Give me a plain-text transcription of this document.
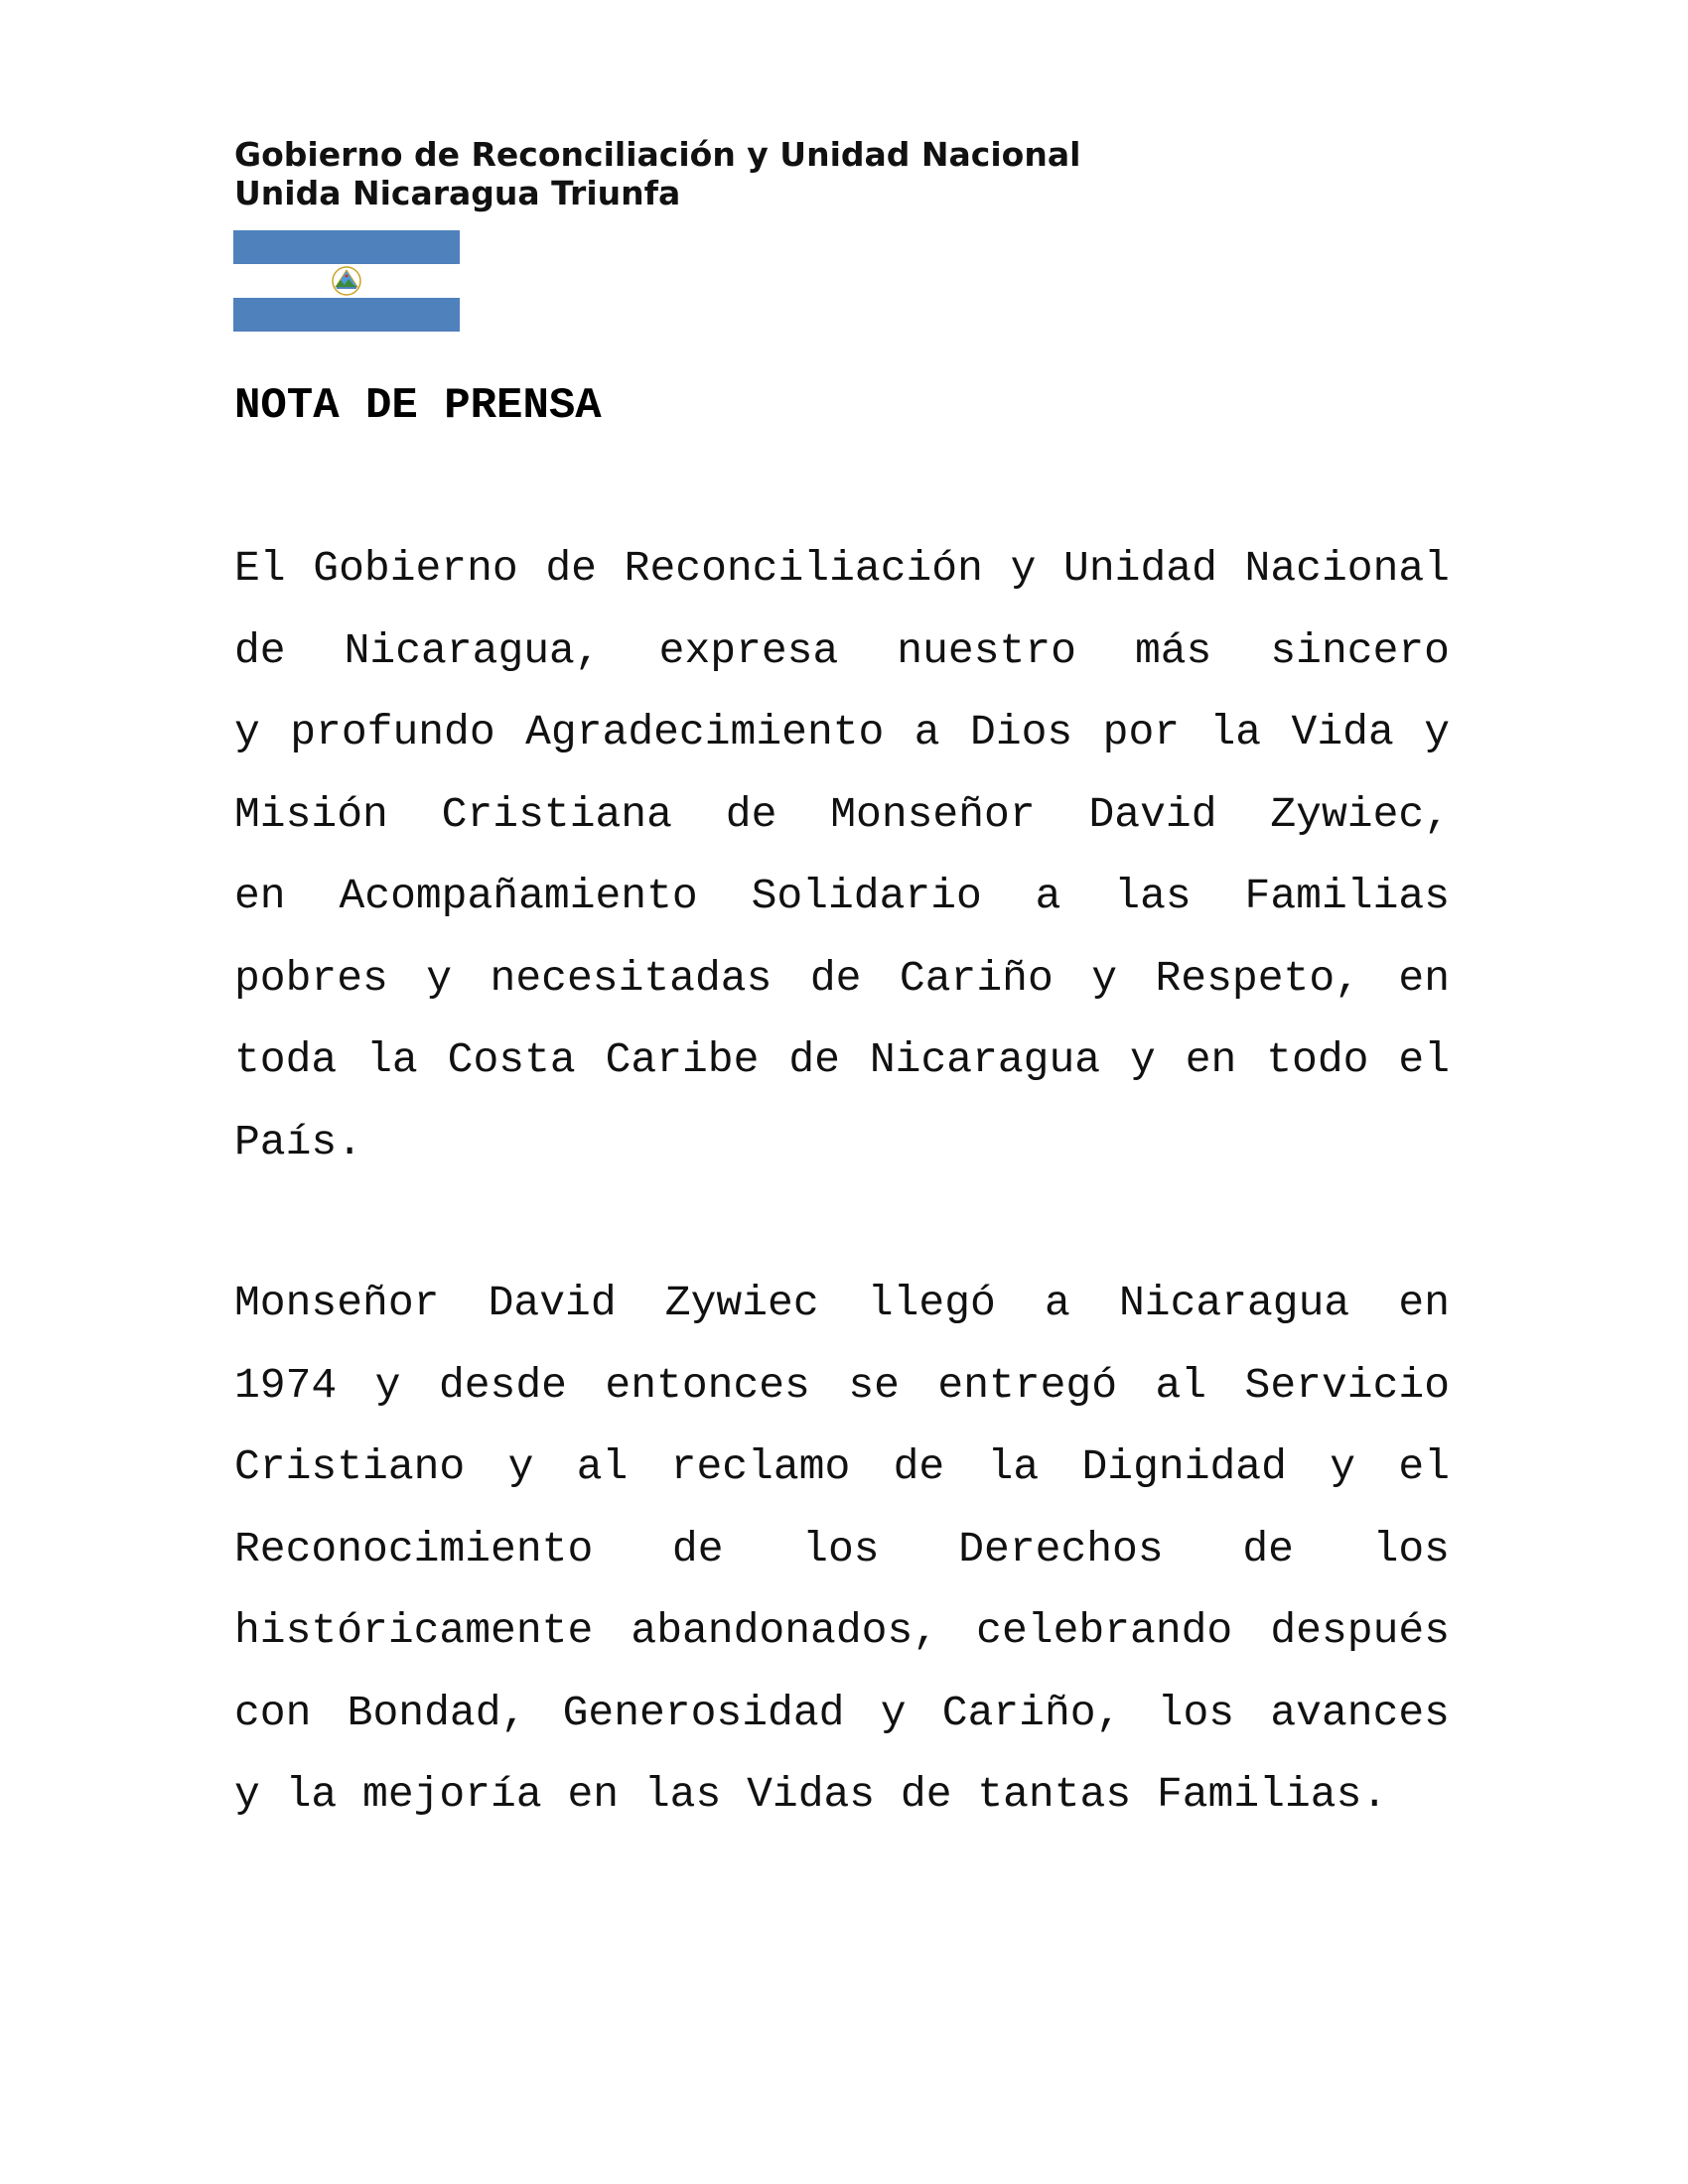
Gobierno de Reconciliación y Unidad Nacional
Unida Nicaragua Triunfa
NOTA DE PRENSA
El Gobierno de Reconciliación y Unidad Nacional
de Nicaragua, expresa nuestro más sincero
y profundo Agradecimiento a Dios por la Vida y
Misión Cristiana de Monseñor David Zywiec,
en Acompañamiento Solidario a las Familias
pobres y necesitadas de Cariño y Respeto, en
toda la Costa Caribe de Nicaragua y en todo el
País.
Monseñor David Zywiec llegó a Nicaragua en
1974 y desde entonces se entregó al Servicio
Cristiano y al reclamo de la Dignidad y el
Reconocimiento de los Derechos de los
históricamente abandonados, celebrando después
con Bondad, Generosidad y Cariño, los avances
y la mejoría en las Vidas de tantas Familias.
